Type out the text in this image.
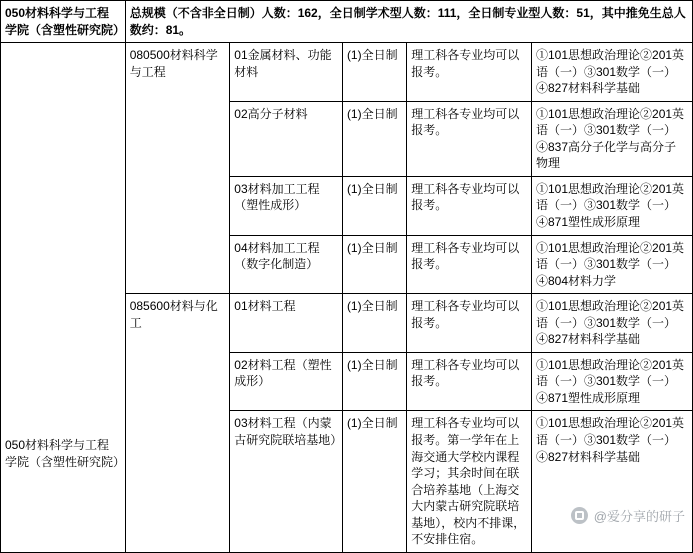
050材料科学与工程学院（含塑性研究院）	总规模（不含非全日制）人数：162，全日制学术型人数：111，全日制专业型人数：51，其中推免生总人数约：81。				

050材料科学与工程学院（含塑性研究院）	080500材料科学与工程	01金属材料、功能材料	(1)全日制	理工科各专业均可以报考。	①101思想政治理论②201英语（一）③301数学（一）④827材料科学基础
		02高分子材料	(1)全日制	理工科各专业均可以报考。	①101思想政治理论②201英语（一）③301数学（一）④837高分子化学与高分子物理
		03材料加工工程（塑性成形）	(1)全日制	理工科各专业均可以报考。	①101思想政治理论②201英语（一）③301数学（一）④871塑性成形原理
		04材料加工工程（数字化制造）	(1)全日制	理工科各专业均可以报考。	①101思想政治理论②201英语（一）③301数学（一）④804材料力学
	085600材料与化工	01材料工程	(1)全日制	理工科各专业均可以报考。	①101思想政治理论②201英语（一）③301数学（一）④827材料科学基础
		02材料工程（塑性成形）	(1)全日制	理工科各专业均可以报考。	①101思想政治理论②201英语（一）③301数学（一）④871塑性成形原理
		03材料工程（内蒙古研究院联培基地）	(1)全日制	理工科各专业均可以报考。第一学年在上海交通大学校内课程学习；其余时间在联合培养基地（上海交大内蒙古研究院联培基地），校内不排课，不安排住宿。	①101思想政治理论②201英语（一）③301数学（一）④827材料科学基础
@爱分享的研子
